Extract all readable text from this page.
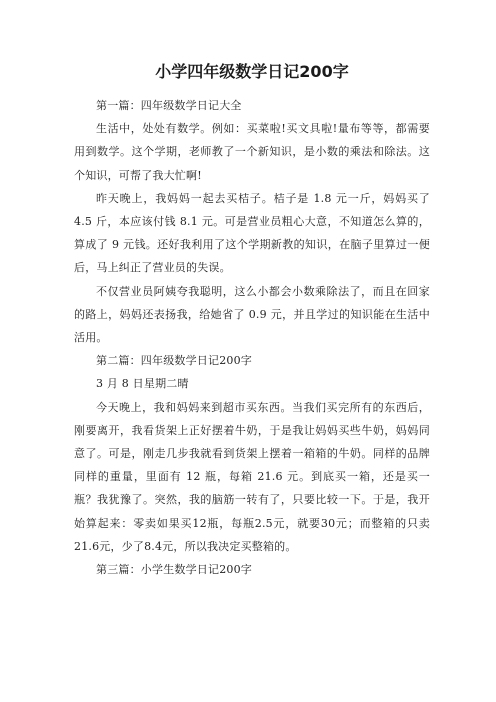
小学四年级数学日记200字

第一篇：四年级数学日记大全

生活中，处处有数学。例如：买菜啦!买文具啦!量布等等，都需要用到数学。这个学期，老师教了一个新知识，是小数的乘法和除法。这个知识，可帮了我大忙啊!

昨天晚上，我妈妈一起去买桔子。桔子是 1.8 元一斤，妈妈买了 4.5 斤，本应该付钱 8.1 元。可是营业员粗心大意，不知道怎么算的，算成了 9 元钱。还好我利用了这个学期新教的知识，在脑子里算过一便后，马上纠正了营业员的失误。

不仅营业员阿姨夸我聪明，这么小都会小数乘除法了，而且在回家的路上，妈妈还表扬我，给她省了 0.9 元，并且学过的知识能在生活中活用。

第二篇：四年级数学日记200字

3 月 8 日星期二晴

今天晚上，我和妈妈来到超市买东西。当我们买完所有的东西后，刚要离开，我看货架上正好摆着牛奶，于是我让妈妈买些牛奶，妈妈同意了。可是，刚走几步我就看到货架上摆着一箱箱的牛奶。同样的品牌同样的重量，里面有 12 瓶，每箱 21.6 元。到底买一箱，还是买一瓶？我犹豫了。突然，我的脑筋一转有了，只要比较一下。于是，我开始算起来：零卖如果买12瓶，每瓶2.5元，就要30元；而整箱的只卖21.6元，少了8.4元，所以我决定买整箱的。

第三篇：小学生数学日记200字
